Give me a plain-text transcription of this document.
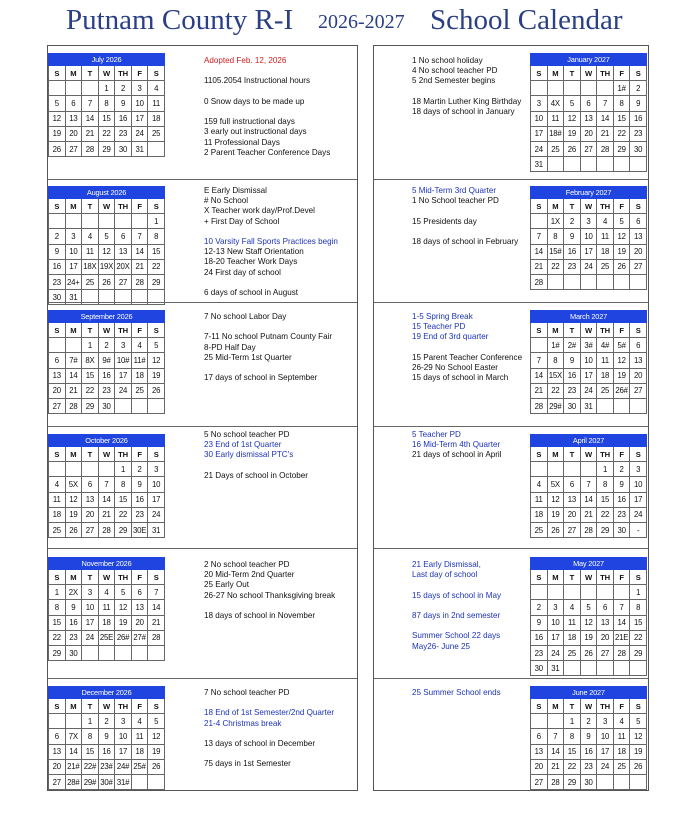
Putnam County R-I 2026-2027 School Calendar
July 2026						
S	M	T	W	TH	F	S
			1	2	3	4
5	6	7	8	9	10	11
12	13	14	15	16	17	18
19	20	21	22	23	24	25
26	27	28	29	30	31	
Adopted Feb. 12, 2026
1105.2054 Instructional hours
0 Snow days to be made up
159 full instructional days
3 early out instructional days
11 Professional Days
2 Parent Teacher Conference Days
August 2026						
S	M	T	W	TH	F	S
						1
2	3	4	5	6	7	8
9	10	11	12	13	14	15
16	17	18X	19X	20X	21	22
23	24+	25	26	27	28	29
30	31					
E Early Dismissal
# No School
X Teacher work day/Prof.Devel
+ First Day of School
10 Varsity Fall Sports Practices begin
12-13 New Staff Orientation
18-20 Teacher Work Days
24 First day of school
6 days of school in August
September 2026						
S	M	T	W	TH	F	S
		1	2	3	4	5
6	7#	8X	9#	10#	11#	12
13	14	15	16	17	18	19
20	21	22	23	24	25	26
27	28	29	30			
7 No school Labor Day
7-11 No school Putnam County Fair
8-PD Half Day
25 Mid-Term 1st Quarter
17 days of school in September
October 2026						
S	M	T	W	TH	F	S
				1	2	3
4	5X	6	7	8	9	10
11	12	13	14	15	16	17
18	19	20	21	22	23	24
25	26	27	28	29	30E	31
5 No school teacher PD
23 End of 1st Quarter
30 Early dismissal PTC's
21 Days of school in October
November 2026						
S	M	T	W	TH	F	S
1	2X	3	4	5	6	7
8	9	10	11	12	13	14
15	16	17	18	19	20	21
22	23	24	25E	26#	27#	28
29	30					
2 No school teacher PD
20 Mid-Term 2nd Quarter
25 Early Out
26-27 No school Thanksgiving break
18 days of school in November
December 2026						
S	M	T	W	TH	F	S
		1	2	3	4	5
6	7X	8	9	10	11	12
13	14	15	16	17	18	19
20	21#	22#	23#	24#	25#	26
27	28#	29#	30#	31#		
7 No school teacher PD
18 End of 1st Semester/2nd Quarter
21-4 Christmas break
13 days of school in December
75 days in 1st Semester
January 2027						
S	M	T	W	TH	F	S
					1#	2
3	4X	5	6	7	8	9
10	11	12	13	14	15	16
17	18#	19	20	21	22	23
24	25	26	27	28	29	30
31						
1 No school holiday
4 No school teacher PD
5 2nd Semester begins
18 Martin Luther King Birthday
18 days of school in January
February 2027						
S	M	T	W	TH	F	S
	1X	2	3	4	5	6
7	8	9	10	11	12	13
14	15#	16	17	18	19	20
21	22	23	24	25	26	27
28						
5 Mid-Term 3rd Quarter
1 No School teacher PD
15 Presidents day
18 days of school in February
March 2027						
S	M	T	W	TH	F	S
	1#	2#	3#	4#	5#	6
7	8	9	10	11	12	13
14	15X	16	17	18	19	20
21	22	23	24	25	26#	27
28	29#	30	31			
1-5 Spring Break
15 Teacher PD
19 End of 3rd quarter
15 Parent Teacher Conference
26-29 No School Easter
15 days of school in March
April 2027						
S	M	T	W	TH	F	S
				1	2	3
4	5X	6	7	8	9	10
11	12	13	14	15	16	17
18	19	20	21	22	23	24
25	26	27	28	29	30	-
5 Teacher PD
16 Mid-Term 4th Quarter
21 days of school in April
May 2027						
S	M	T	W	TH	F	S
						1
2	3	4	5	6	7	8
9	10	11	12	13	14	15
16	17	18	19	20	21E	22
23	24	25	26	27	28	29
30	31					
21 Early Dismissal,
Last day of school
15 days of school in May
87 days in 2nd semester
Summer School 22 days
May26- June 25
June 2027						
S	M	T	W	TH	F	S
		1	2	3	4	5
6	7	8	9	10	11	12
13	14	15	16	17	18	19
20	21	22	23	24	25	26
27	28	29	30			
25 Summer School ends
